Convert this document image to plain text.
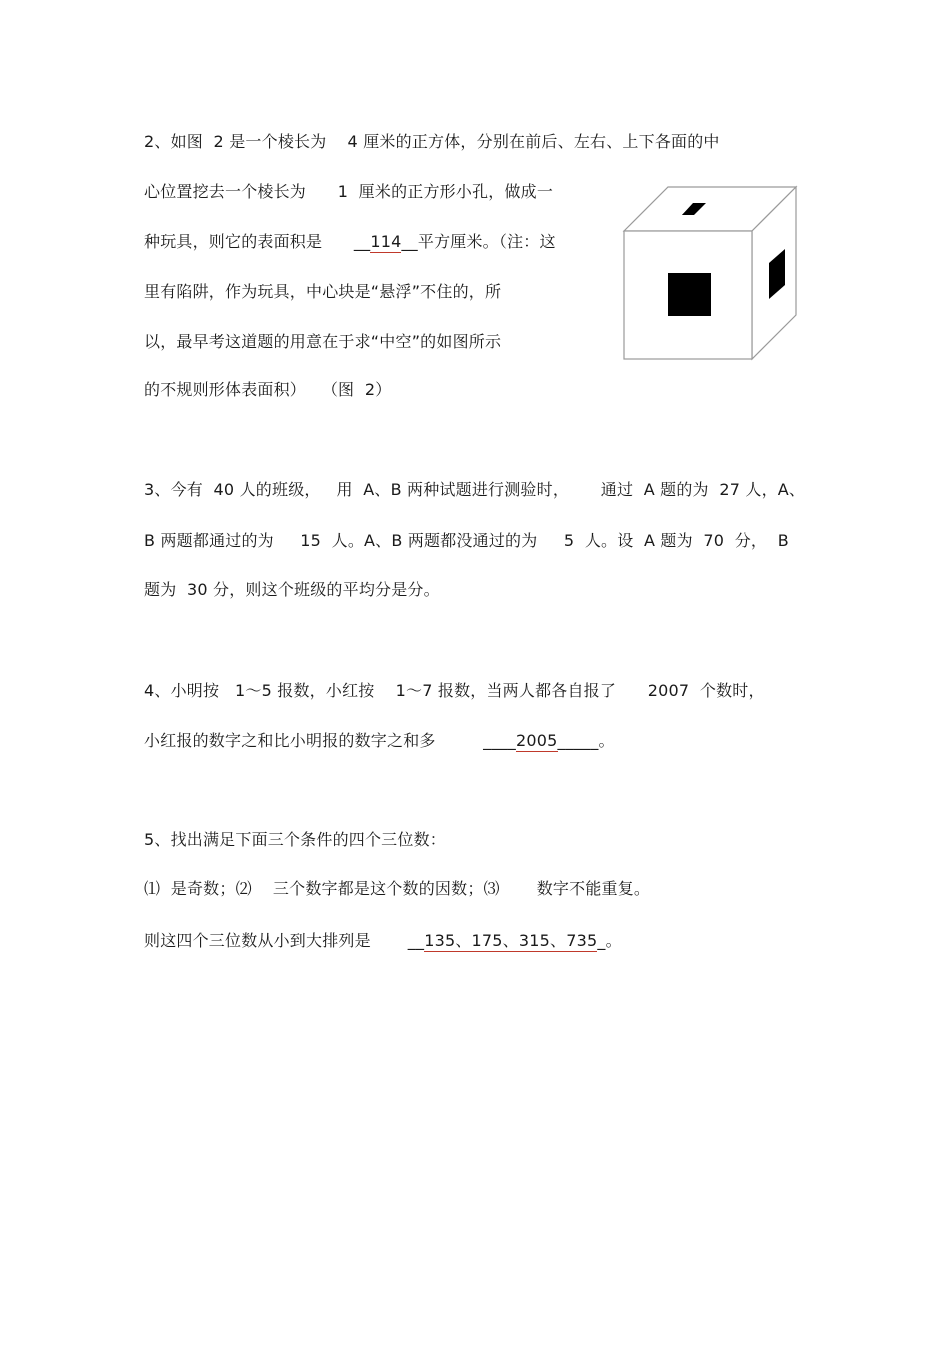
2、如图  2 是一个棱长为    4 厘米的正方体，分别在前后、左右、上下各面的中
心位置挖去一个棱长为      1  厘米的正方形小孔，做成一
种玩具，则它的表面积是      __114__平方厘米。（注：这
里有陷阱，作为玩具，中心块是“悬浮”不住的，所
以，最早考这道题的用意在于求“中空”的如图所示
的不规则形体表面积）   （图  2）
3、今有  40 人的班级，   用  A、B 两种试题进行测验时，      通过  A 题的为  27 人，A、
B 两题都通过的为     15  人。A、B 两题都没通过的为     5  人。设  A 题为  70  分，  B
题为  30 分，则这个班级的平均分是分。
4、小明按   1～5 报数，小红按    1～7 报数，当两人都各自报了      2007  个数时，
小红报的数字之和比小明报的数字之和多         ____2005_____。
5、找出满足下面三个条件的四个三位数：
⑴  是奇数；⑵    三个数字都是这个数的因数；⑶       数字不能重复。
则这四个三位数从小到大排列是       __135、175、315、735_。
